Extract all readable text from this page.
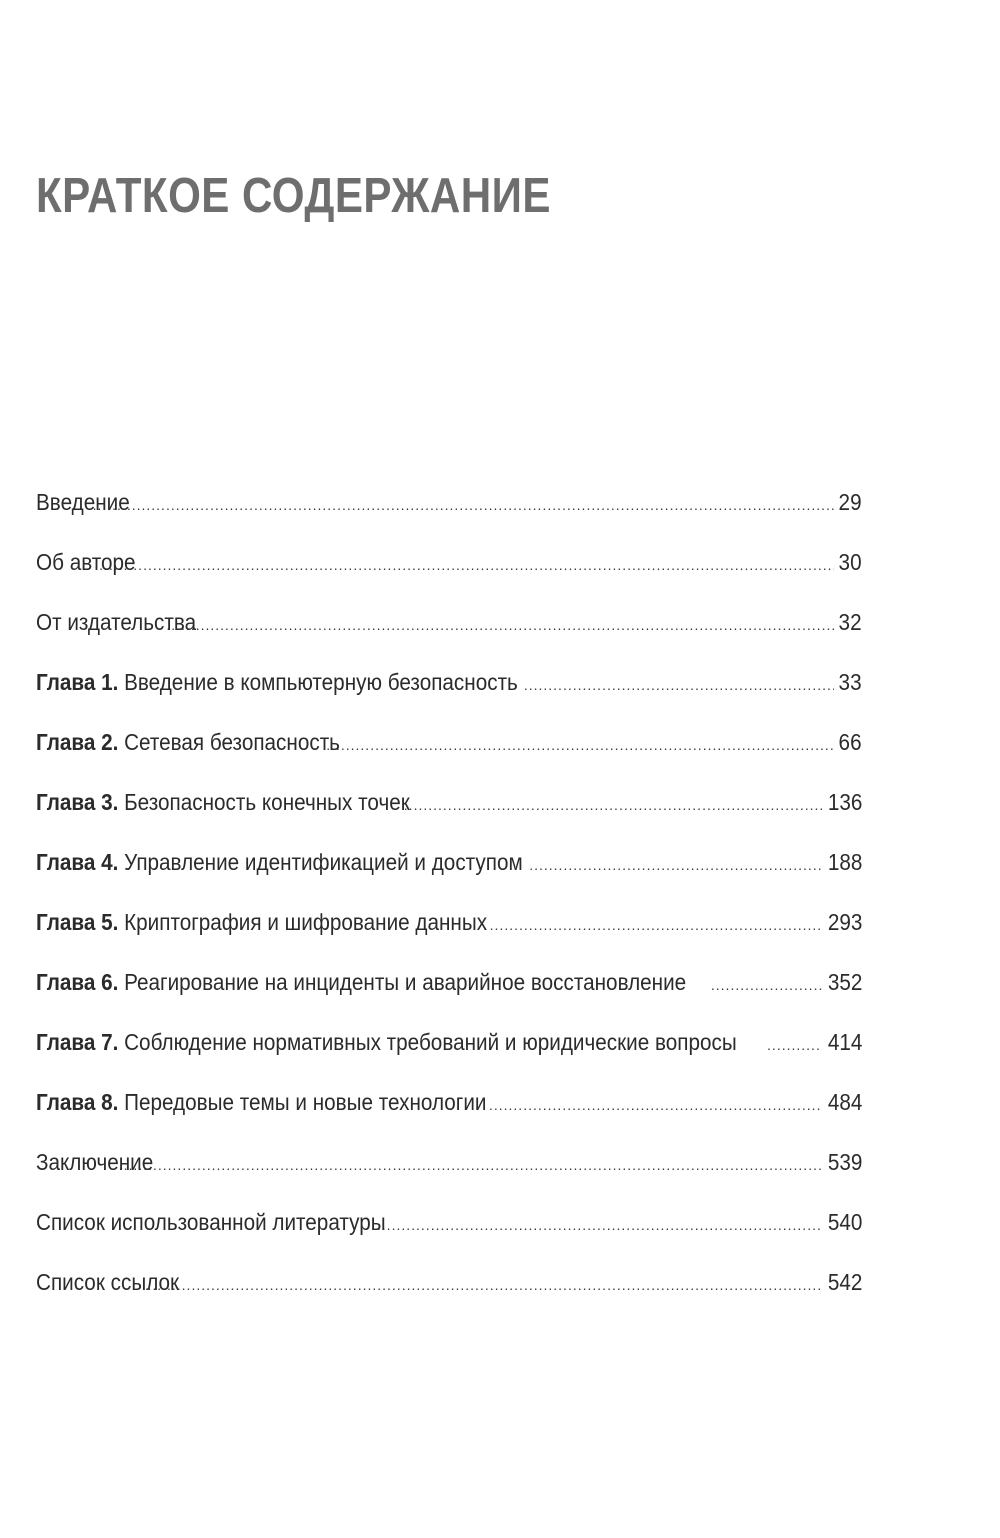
КРАТКОЕ СОДЕРЖАНИЕ
Введение .....	29
Об авторе .....	30
От издательства .....	32
Глава 1. Введение в компьютерную безопасность .....	33
Глава 2. Сетевая безопасность .....	66
Глава 3. Безопасность конечных точек .....	136
Глава 4. Управление идентификацией и доступом .....	188
Глава 5. Криптография и шифрование данных .....	293
Глава 6. Реагирование на инциденты и аварийное восстановление .....	352
Глава 7. Соблюдение нормативных требований и юридические вопросы .....	414
Глава 8. Передовые темы и новые технологии .....	484
Заключение .....	539
Список использованной литературы .....	540
Список ссылок .....	542
